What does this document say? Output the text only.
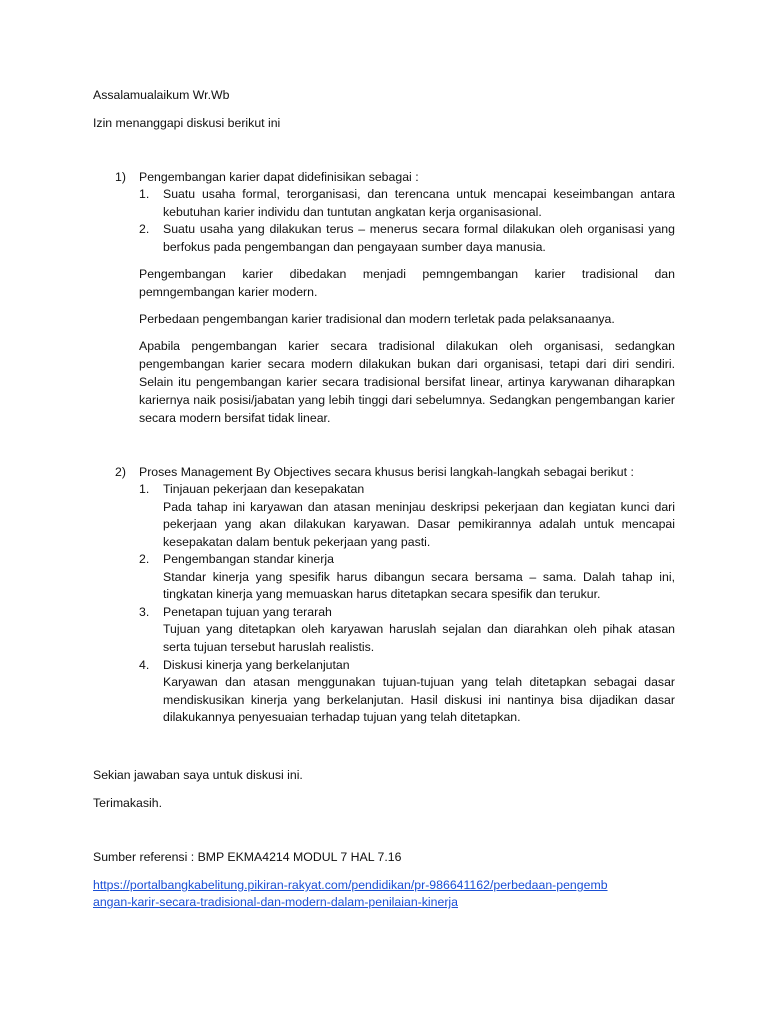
Assalamualaikum Wr.Wb

Izin menanggapi diskusi berikut ini

1)	Pengembangan karier dapat didefinisikan sebagai :
1.	Suatu usaha formal, terorganisasi, dan terencana untuk mencapai keseimbangan antara kebutuhan karier individu dan tuntutan angkatan kerja organisasional.
2.	Suatu usaha yang dilakukan terus – menerus secara formal dilakukan oleh organisasi yang berfokus pada pengembangan dan pengayaan sumber daya manusia.

Pengembangan karier dibedakan menjadi pemngembangan karier tradisional dan pemngembangan karier modern.

Perbedaan pengembangan karier tradisional dan modern terletak pada pelaksanaanya.

Apabila pengembangan karier secara tradisional dilakukan oleh organisasi, sedangkan pengembangan karier secara modern dilakukan bukan dari organisasi, tetapi dari diri sendiri. Selain itu pengembangan karier secara tradisional bersifat linear, artinya karywanan diharapkan kariernya naik posisi/jabatan yang lebih tinggi dari sebelumnya. Sedangkan pengembangan karier secara modern bersifat tidak linear.

2)	Proses Management By Objectives secara khusus berisi langkah-langkah sebagai berikut :
1.	Tinjauan pekerjaan dan kesepakatan
Pada tahap ini karyawan dan atasan meninjau deskripsi pekerjaan dan kegiatan kunci dari pekerjaan yang akan dilakukan karyawan. Dasar pemikirannya adalah untuk mencapai kesepakatan dalam bentuk pekerjaan yang pasti.
2.	Pengembangan standar kinerja
Standar kinerja yang spesifik harus dibangun secara bersama – sama. Dalah tahap ini, tingkatan kinerja yang memuaskan harus ditetapkan secara spesifik dan terukur.
3.	Penetapan tujuan yang terarah
Tujuan yang ditetapkan oleh karyawan haruslah sejalan dan diarahkan oleh pihak atasan serta tujuan tersebut haruslah realistis.
4.	Diskusi kinerja yang berkelanjutan
Karyawan dan atasan menggunakan tujuan-tujuan yang telah ditetapkan sebagai dasar mendiskusikan kinerja yang berkelanjutan. Hasil diskusi ini nantinya bisa dijadikan dasar dilakukannya penyesuaian terhadap tujuan yang telah ditetapkan.

Sekian jawaban saya untuk diskusi ini.

Terimakasih.

Sumber referensi : BMP EKMA4214 MODUL 7 HAL 7.16

https://portalbangkabelitung.pikiran-rakyat.com/pendidikan/pr-986641162/perbedaan-pengembangan-karir-secara-tradisional-dan-modern-dalam-penilaian-kinerja
